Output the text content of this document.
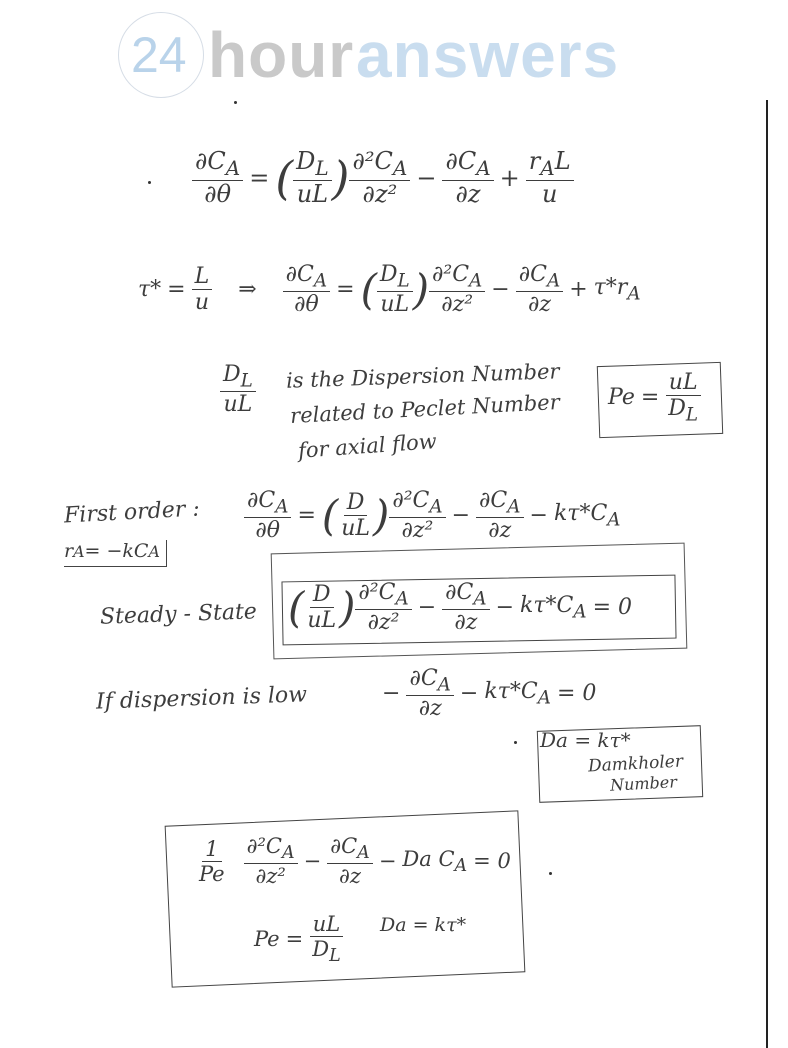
24 hour answers
$\frac{\partial C_A}{\partial\theta}$ = ( $\frac{D_L}{uL}$ ) $\frac{\partial^2C_A}{\text{∂z²}} - \frac{\partial C_A}{\partial z} + \frac{r_AL}{u}$
$\tau* = \frac{L}{u}$ ⇒ $\frac{\partial C_A}{\partial\theta}$ = ( $\frac{D_L}{uL}$ ) $\frac{\partial^2C_A}{\text{∂z²}} - \frac{\partial C_A}{\partial z} + \tau*r_A$
$\frac{D_L}{uL}$ is the Dispersion Number
related to Peclet Number
for axial flow
$Pe = \frac{uL}{D_L}$
First order :
r A = −kC A
$\frac{\partial C_A}{\partial\theta}$ = ( $\frac{D}{uL}$ ) $\frac{\partial^2C_A}{\text{∂z²}} - \frac{\partial C_A}{\partial z} - k\tau*C_A$
Steady - State ( $\frac{D}{uL}$ ) $\frac{\partial^2C_A}{\text{∂z²}} - \frac{\partial C_A}{\partial z} - k\tau*C_A = 0$
If dispersion is low	− $\frac{\partial C_A}{\partial z} - k\tau*C_A = 0$
Da = kτ*
Damkholer
Number
$\frac{1}{Pe} \frac{\partial^2C_A}{\text{∂z²}} - \frac{\partial C_A}{\partial z} - Da$ $C_A = 0$
$Pe = \frac{uL}{D_L}$ Da = kτ*
